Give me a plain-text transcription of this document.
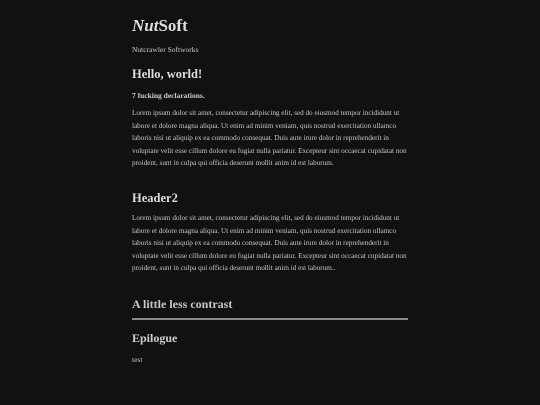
NutSoft
Nutcrawler Softworks
Hello, world!
7 fucking declarations.

Lorem ipsum dolor sit amet, consectetur adipiscing elit, sed do eiusmod tempor incididunt ut labore et dolore magna aliqua. Ut enim ad minim veniam, quis nostrud exercitation ullamco laboris nisi ut aliquip ex ea commodo consequat. Duis aute irure dolor in reprehenderit in voluptate velit esse cillum dolore eu fugiat nulla pariatur. Excepteur sint occaecat cupidatat non proident, sunt in culpa qui officia deserunt mollit anim id est laborum.

Header2

Lorem ipsum dolor sit amet, consectetur adipiscing elit, sed do eiusmod tempor incididunt ut labore et dolore magna aliqua. Ut enim ad minim veniam, quis nostrud exercitation ullamco laboris nisi ut aliquip ex ea commodo consequat. Duis aute irure dolor in reprehenderit in voluptate velit esse cillum dolore eu fugiat nulla pariatur. Excepteur sint occaecat cupidatat non proident, sunt in culpa qui officia deserunt mollit anim id est laborum..

A little less contrast
Epilogue
test
